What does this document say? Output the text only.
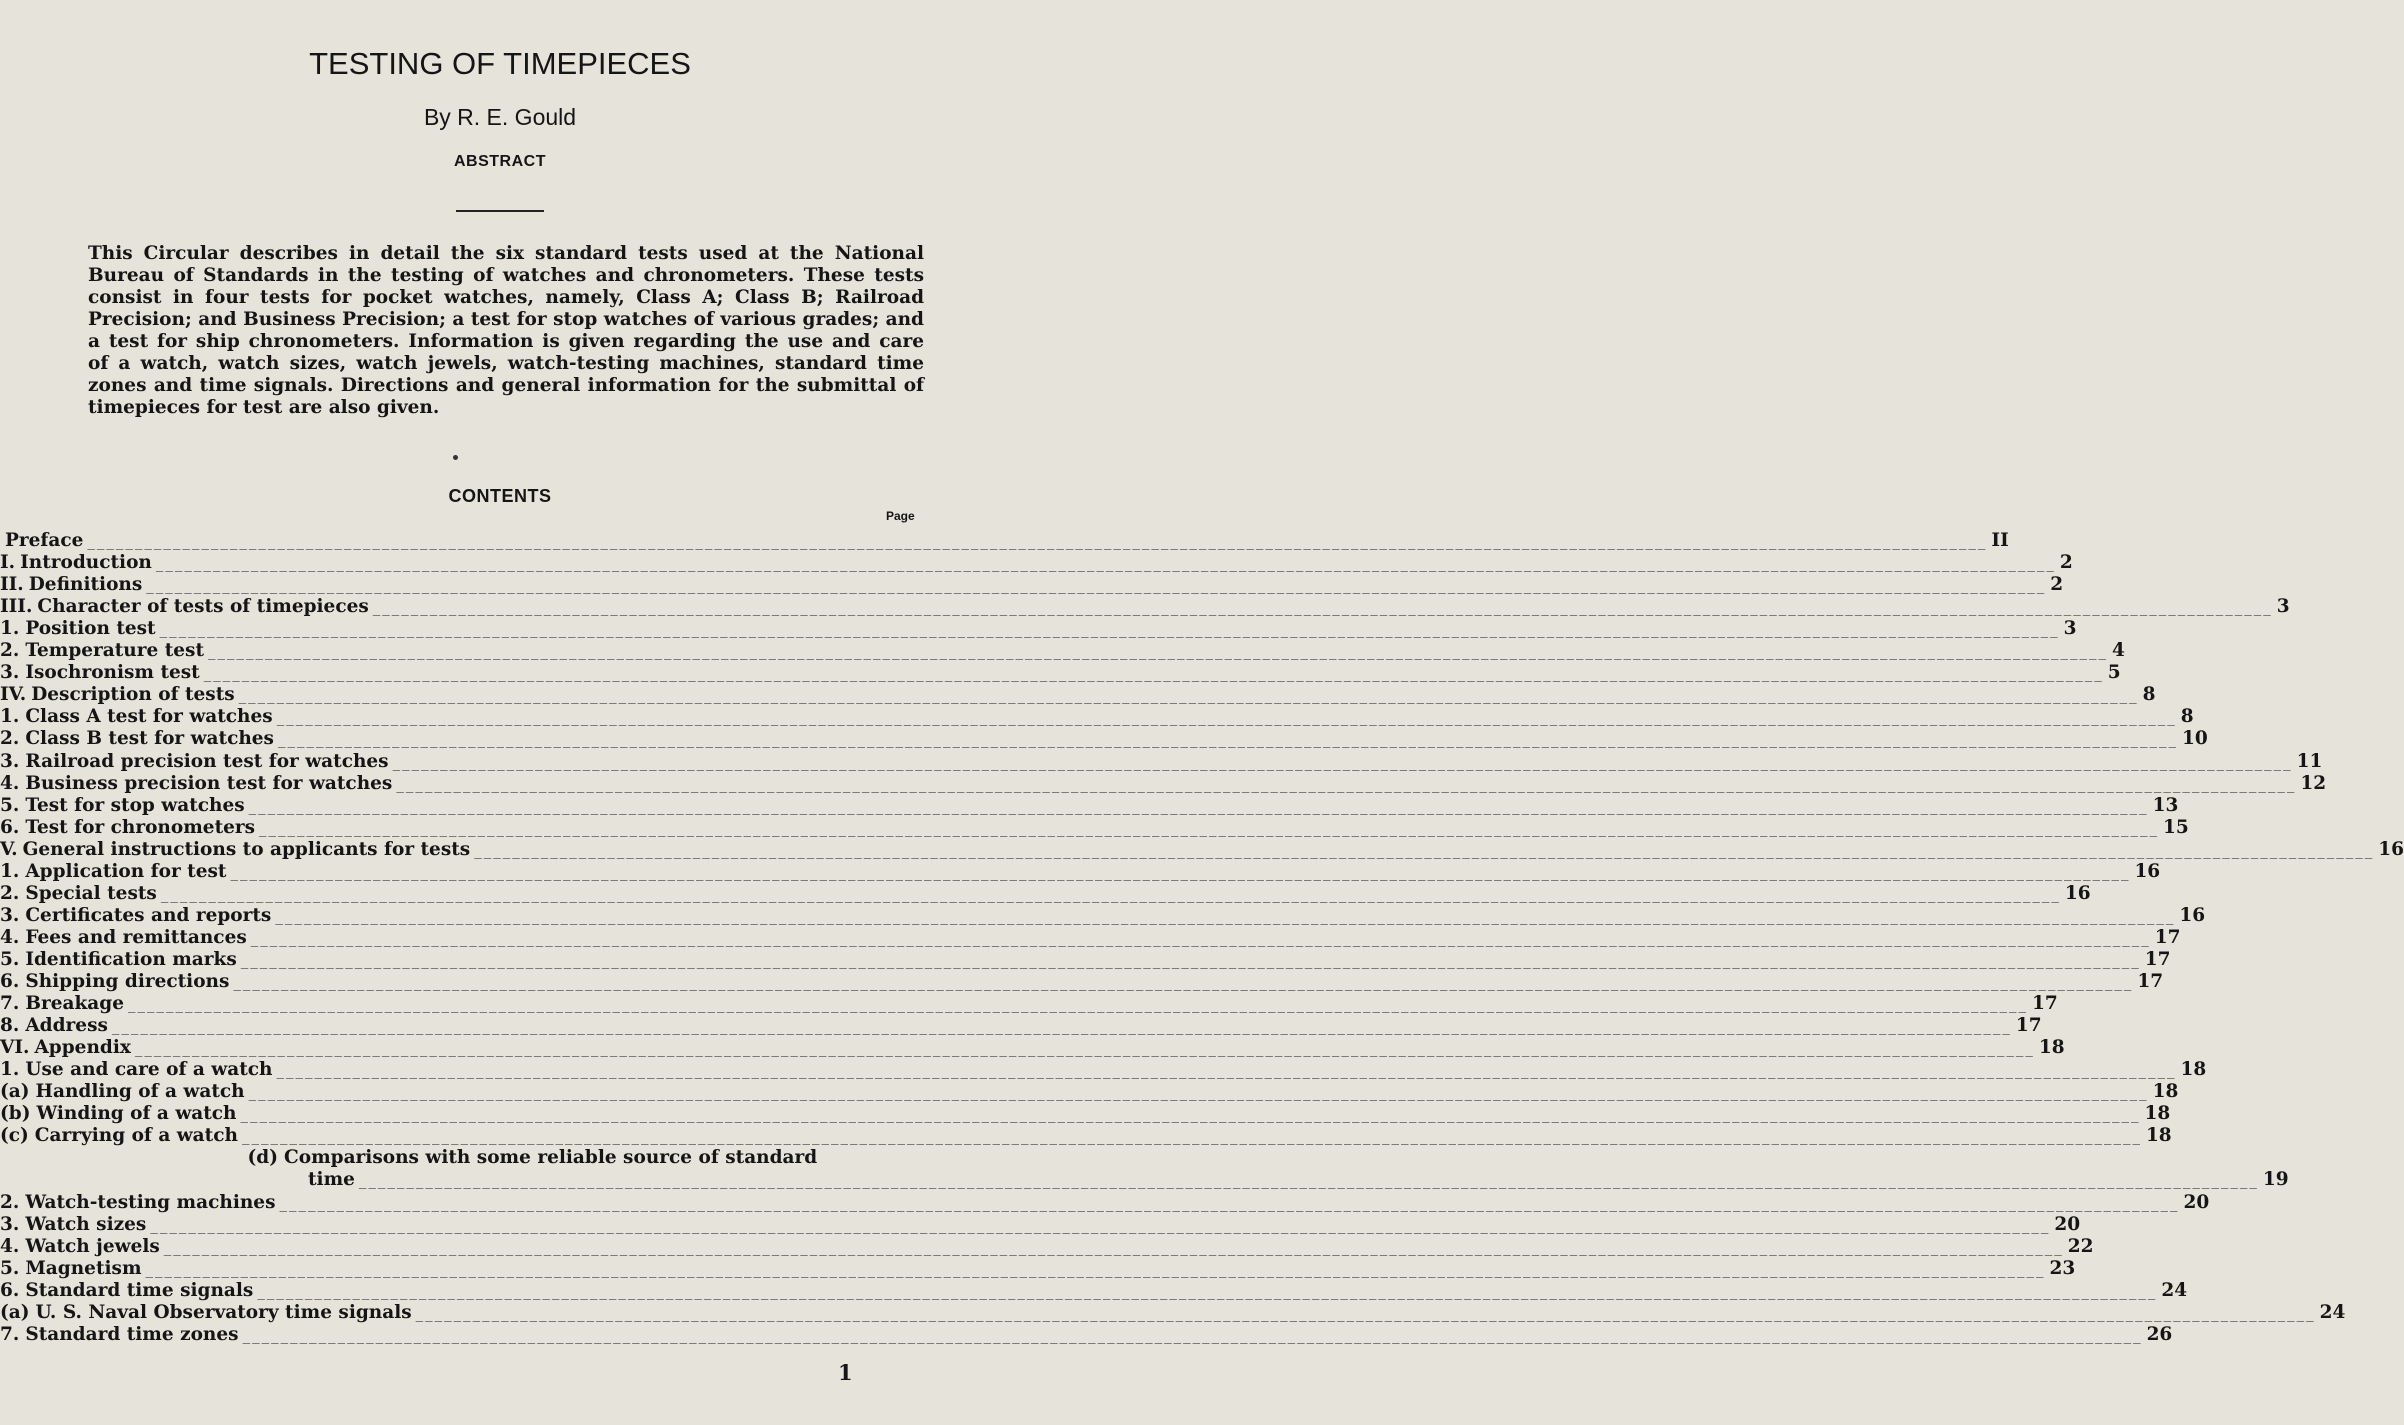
TESTING OF TIMEPIECES
By R. E. Gould
ABSTRACT
This Circular describes in detail the six standard tests used at the National
Bureau of Standards in the testing of watches and chronometers. These tests
consist in four tests for pocket watches, namely, Class A; Class B; Railroad
Precision; and Business Precision; a test for stop watches of various grades; and
a test for ship chronometers. Information is given regarding the use and care
of a watch, watch sizes, watch jewels, watch-testing machines, standard time
zones and time signals. Directions and general information for the submittal of
timepieces for test are also given.
CONTENTS
Page
Preface ________________________________________________________________________________________________________________________________________________________________________________________________________ II
I. Introduction ________________________________________________________________________________________________________________________________________________________________________________________________________ 2
II. Definitions ________________________________________________________________________________________________________________________________________________________________________________________________________ 2
III. Character of tests of timepieces ________________________________________________________________________________________________________________________________________________________________________________________________________ 3
1. Position test ________________________________________________________________________________________________________________________________________________________________________________________________________ 3
2. Temperature test ________________________________________________________________________________________________________________________________________________________________________________________________________ 4
3. Isochronism test ________________________________________________________________________________________________________________________________________________________________________________________________________ 5
IV. Description of tests ________________________________________________________________________________________________________________________________________________________________________________________________________ 8
1. Class A test for watches ________________________________________________________________________________________________________________________________________________________________________________________________________ 8
2. Class B test for watches ________________________________________________________________________________________________________________________________________________________________________________________________________ 10
3. Railroad precision test for watches ________________________________________________________________________________________________________________________________________________________________________________________________________ 11
4. Business precision test for watches ________________________________________________________________________________________________________________________________________________________________________________________________________ 12
5. Test for stop watches ________________________________________________________________________________________________________________________________________________________________________________________________________ 13
6. Test for chronometers ________________________________________________________________________________________________________________________________________________________________________________________________________ 15
V. General instructions to applicants for tests ________________________________________________________________________________________________________________________________________________________________________________________________________ 16
1. Application for test ________________________________________________________________________________________________________________________________________________________________________________________________________ 16
2. Special tests ________________________________________________________________________________________________________________________________________________________________________________________________________ 16
3. Certificates and reports ________________________________________________________________________________________________________________________________________________________________________________________________________ 16
4. Fees and remittances ________________________________________________________________________________________________________________________________________________________________________________________________________ 17
5. Identification marks ________________________________________________________________________________________________________________________________________________________________________________________________________ 17
6. Shipping directions ________________________________________________________________________________________________________________________________________________________________________________________________________ 17
7. Breakage ________________________________________________________________________________________________________________________________________________________________________________________________________ 17
8. Address ________________________________________________________________________________________________________________________________________________________________________________________________________ 17
VI. Appendix ________________________________________________________________________________________________________________________________________________________________________________________________________ 18
1. Use and care of a watch ________________________________________________________________________________________________________________________________________________________________________________________________________ 18
(a) Handling of a watch ________________________________________________________________________________________________________________________________________________________________________________________________________ 18
(b) Winding of a watch ________________________________________________________________________________________________________________________________________________________________________________________________________ 18
(c) Carrying of a watch ________________________________________________________________________________________________________________________________________________________________________________________________________ 18
(d) Comparisons with some reliable source of standard
time ________________________________________________________________________________________________________________________________________________________________________________________________________ 19
2. Watch-testing machines ________________________________________________________________________________________________________________________________________________________________________________________________________ 20
3. Watch sizes ________________________________________________________________________________________________________________________________________________________________________________________________________ 20
4. Watch jewels ________________________________________________________________________________________________________________________________________________________________________________________________________ 22
5. Magnetism ________________________________________________________________________________________________________________________________________________________________________________________________________ 23
6. Standard time signals ________________________________________________________________________________________________________________________________________________________________________________________________________ 24
(a) U. S. Naval Observatory time signals ________________________________________________________________________________________________________________________________________________________________________________________________________ 24
7. Standard time zones ________________________________________________________________________________________________________________________________________________________________________________________________________ 26
1
